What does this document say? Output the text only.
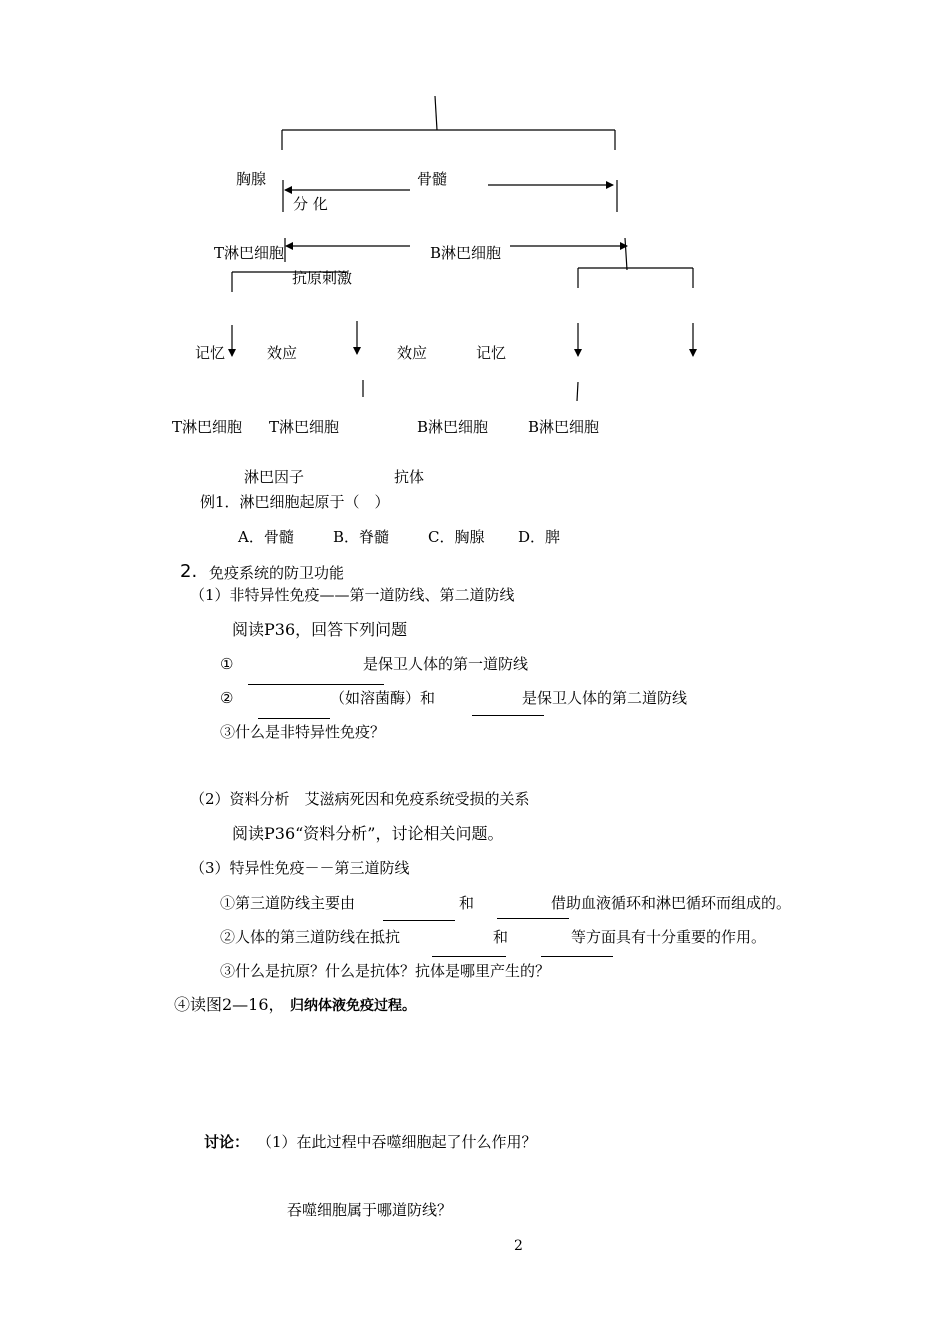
胸腺	骨髓
分 化
T淋巴细胞	B淋巴细胞
抗原刺激
记忆	效应	效应	记忆
T淋巴细胞 T淋巴细胞	B淋巴细胞	B淋巴细胞
淋巴因子	抗体
例1．淋巴细胞起原于（　）
A．骨髓	B．脊髓	C．胸腺 D．脾
2. 免疫系统的防卫功能
（1）非特异性免疫——第一道防线、第二道防线
阅读P36，回答下列问题
①	是保卫人体的第一道防线
②	（如溶菌酶）和	是保卫人体的第二道防线
③什么是非特异性免疫？
（2）资料分析　艾滋病死因和免疫系统受损的关系
阅读P36“资料分析”，讨论相关问题。
（3）特异性免疫－－第三道防线
①第三道防线主要由	和	借助血液循环和淋巴循环而组成的。
②人体的第三道防线在抵抗	和	等方面具有十分重要的作用。
③什么是抗原？什么是抗体？抗体是哪里产生的？
④读图2—16， 归纳体液免疫过程。
讨论： （1）在此过程中吞噬细胞起了什么作用？
吞噬细胞属于哪道防线？
2
